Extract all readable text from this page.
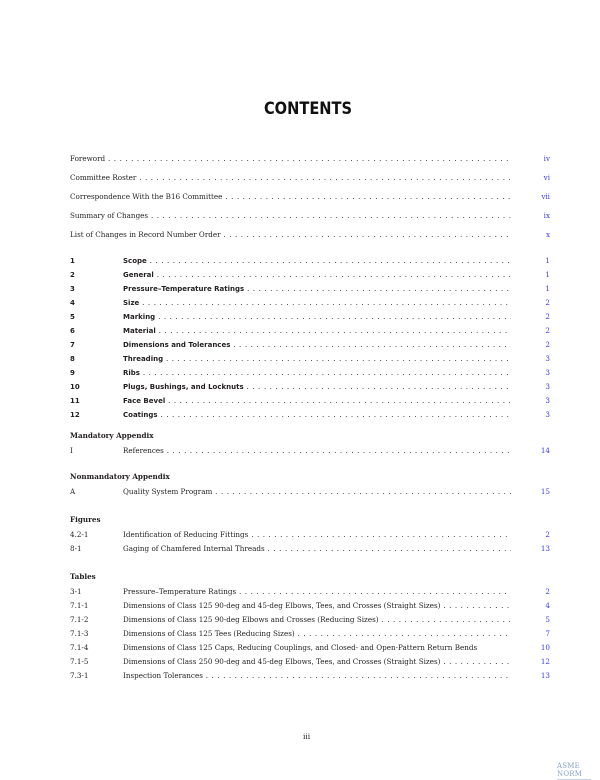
CONTENTS
Foreword . . .	iv
Committee Roster . . .	vi
Correspondence With the B16 Committee . . .	vii
Summary of Changes . . .	ix
List of Changes in Record Number Order . . .	x
1	Scope . . .	1
2	General . . .	1
3	Pressure–Temperature Ratings . . .	1
4	Size . . .	2
5	Marking . . .	2
6	Material . . .	2
7	Dimensions and Tolerances . . .	2
8	Threading . . .	3
9	Ribs . . .	3
10	Plugs, Bushings, and Locknuts . . .	3
11	Face Bevel . . .	3
12	Coatings . . .	3
Mandatory Appendix
I	References . . .	14
Nonmandatory Appendix
A	Quality System Program . . .	15
Figures
4.2-1	Identification of Reducing Fittings . . .	2
8-1	Gaging of Chamfered Internal Threads . . .	13
Tables
3-1	Pressure–Temperature Ratings . . .	2
7.1-1	Dimensions of Class 125 90-deg and 45-deg Elbows, Tees, and Crosses (Straight Sizes) . . .	4
7.1-2	Dimensions of Class 125 90-deg Elbows and Crosses (Reducing Sizes) . . .	5
7.1-3	Dimensions of Class 125 Tees (Reducing Sizes) . . .	7
7.1-4	Dimensions of Class 125 Caps, Reducing Couplings, and Closed- and Open-Pattern Return Bends	10
7.1-5	Dimensions of Class 250 90-deg and 45-deg Elbows, Tees, and Crosses (Straight Sizes) . . .	12
7.3-1	Inspection Tolerances . . .	13
iii
ASME NORM
